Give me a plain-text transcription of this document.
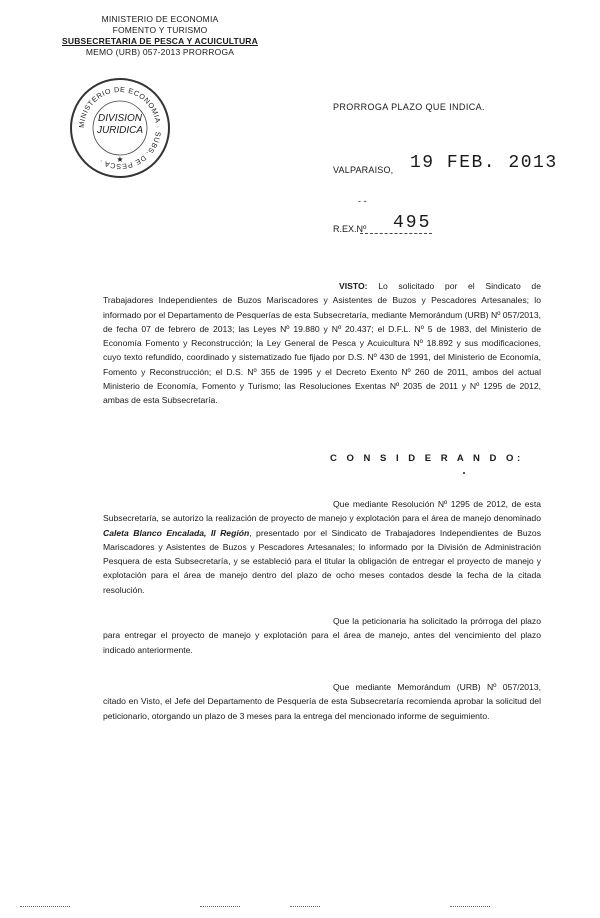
MINISTERIO DE ECONOMIA
FOMENTO Y TURISMO
SUBSECRETARIA DE PESCA Y ACUICULTURA
MEMO (URB) 057-2013 PRORROGA
MINISTERIO DE ECONOMIA · SUBS. DE PESCA ·	★
DIVISION
JURIDICA
PRORROGA PLAZO QUE INDICA.
VALPARAISO, 19 FEB. 2013
- -
R.EX.Nº 495
VISTO: Lo solicitado por el Sindicato de Trabajadores Independientes de Buzos Mariscadores y Asistentes de Buzos y Pescadores Artesanales; lo informado por el Departamento de Pesquerías de esta Subsecretaría, mediante Memorándum (URB) Nº 057/2013, de fecha 07 de febrero de 2013; las Leyes Nº 19.880 y Nº 20.437; el D.F.L. Nº 5 de 1983, del Ministerio de Economía Fomento y Reconstrucción; la Ley General de Pesca y Acuicultura Nº 18.892 y sus modificaciones, cuyo texto refundido, coordinado y sistematizado fue fijado por D.S. Nº 430 de 1991, del Ministerio de Economía, Fomento y Reconstrucción; el D.S. Nº 355 de 1995 y el Decreto Exento Nº 260 de 2011, ambos del actual Ministerio de Economía, Fomento y Turismo; las Resoluciones Exentas Nº 2035 de 2011 y Nº 1295 de 2012, ambas de esta Subsecretaría.
C O N S I D E R A N D O:
Que mediante Resolución Nº 1295 de 2012, de esta Subsecretaría, se autorizo la realización de proyecto de manejo y explotación para el área de manejo denominado Caleta Blanco Encalada, II Región, presentado por el Sindicato de Trabajadores Independientes de Buzos Mariscadores y Asistentes de Buzos y Pescadores Artesanales; lo informado por la División de Administración Pesquera de esta Subsecretaría, y se estableció para el titular la obligación de entregar el proyecto de manejo y explotación para el área de manejo dentro del plazo de ocho meses contados desde la fecha de la citada resolución.
Que la peticionaria ha solicitado la prórroga del plazo para entregar el proyecto de manejo y explotación para el área de manejo, antes del vencimiento del plazo indicado anteriormente.
Que mediante Memorándum (URB) Nº 057/2013, citado en Visto, el Jefe del Departamento de Pesquería de esta Subsecretaría recomienda aprobar la solicitud del peticionario, otorgando un plazo de 3 meses para la entrega del mencionado informe de seguimiento.
